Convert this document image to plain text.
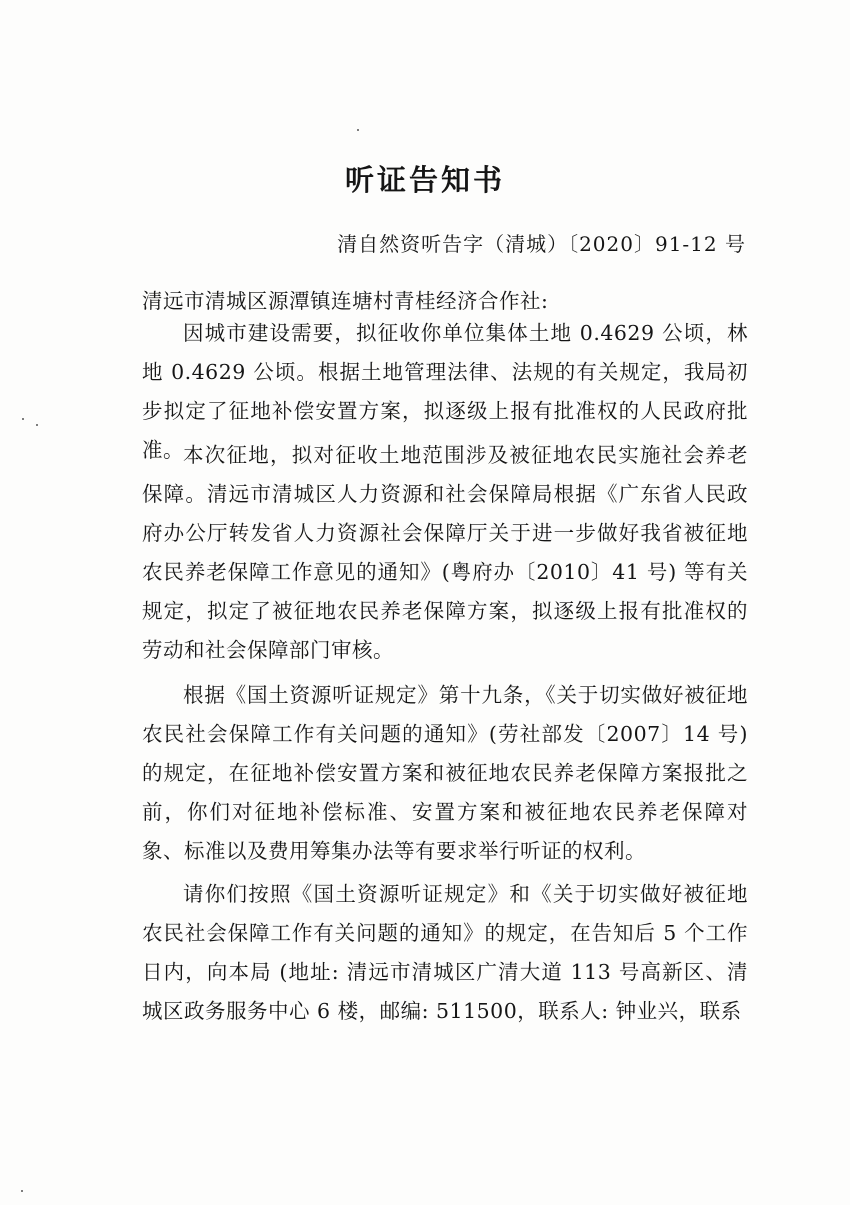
听证告知书
清自然资听告字（清城）〔2020〕91-12 号
清远市清城区源潭镇连塘村青桂经济合作社:

因城市建设需要，拟征收你单位集体土地 0.4629 公顷，林地 0.4629 公顷。根据土地管理法律、法规的有关规定，我局初步拟定了征地补偿安置方案，拟逐级上报有批准权的人民政府批准。 本次征地，拟对征收土地范围涉及被征地农民实施社会养老保障。清远市清城区人力资源和社会保障局根据《广东省人民政府办公厅转发省人力资源社会保障厅关于进一步做好我省被征地农民养老保障工作意见的通知》(粤府办〔2010〕41 号) 等有关规定，拟定了被征地农民养老保障方案，拟逐级上报有批准权的劳动和社会保障部门审核。

根据《国土资源听证规定》第十九条，《关于切实做好被征地农民社会保障工作有关问题的通知》(劳社部发〔2007〕14 号) 的规定，在征地补偿安置方案和被征地农民养老保障方案报批之前，你们对征地补偿标准、安置方案和被征地农民养老保障对象、标准以及费用筹集办法等有要求举行听证的权利。

请你们按照《国土资源听证规定》和《关于切实做好被征地农民社会保障工作有关问题的通知》的规定，在告知后 5 个工作日内，向本局 (地址: 清远市清城区广清大道 113 号高新区、清城区政务服务中心 6 楼，邮编: 511500，联系人: 钟业兴，联系
